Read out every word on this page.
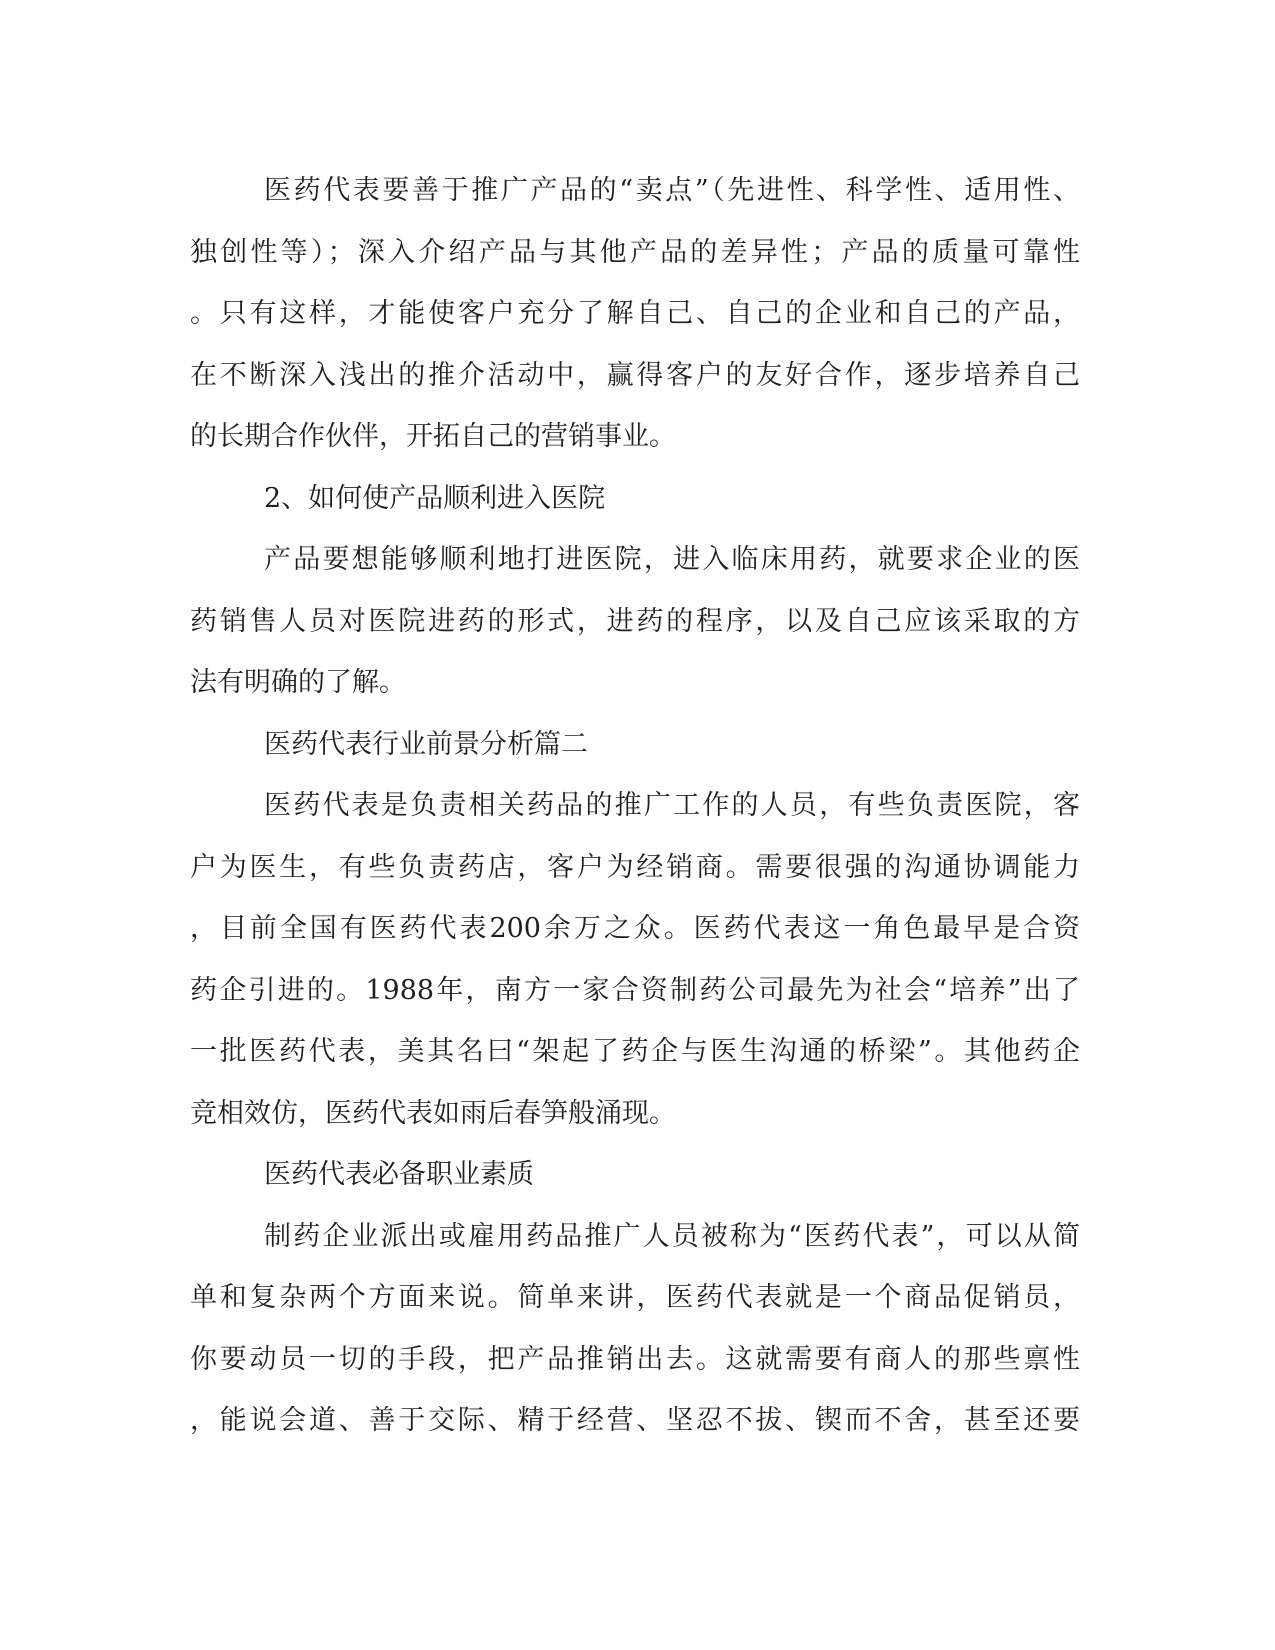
医药代表要善于推广产品的“卖点”（先进性、科学性、适用性、
独创性等）；深入介绍产品与其他产品的差异性；产品的质量可靠性
。只有这样，才能使客户充分了解自己、自己的企业和自己的产品，
在不断深入浅出的推介活动中，赢得客户的友好合作，逐步培养自己
的长期合作伙伴，开拓自己的营销事业。
2、如何使产品顺利进入医院
产品要想能够顺利地打进医院，进入临床用药，就要求企业的医
药销售人员对医院进药的形式，进药的程序，以及自己应该采取的方
法有明确的了解。
医药代表行业前景分析篇二
医药代表是负责相关药品的推广工作的人员，有些负责医院，客
户为医生，有些负责药店，客户为经销商。需要很强的沟通协调能力
，目前全国有医药代表200余万之众。医药代表这一角色最早是合资
药企引进的。1988年，南方一家合资制药公司最先为社会“培养”出了
一批医药代表，美其名曰“架起了药企与医生沟通的桥梁”。其他药企
竞相效仿，医药代表如雨后春笋般涌现。
医药代表必备职业素质
制药企业派出或雇用药品推广人员被称为“医药代表”，可以从简
单和复杂两个方面来说。简单来讲，医药代表就是一个商品促销员，
你要动员一切的手段，把产品推销出去。这就需要有商人的那些禀性
，能说会道、善于交际、精于经营、坚忍不拔、锲而不舍，甚至还要
